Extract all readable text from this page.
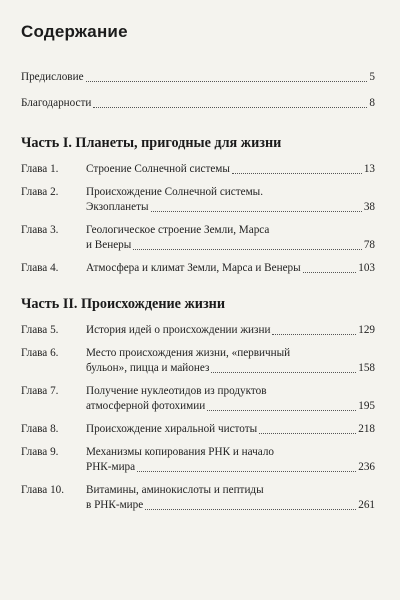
Содержание
Предисловие	5
Благодарности	8
Часть I. Планеты, пригодные для жизни
Глава 1.	Строение Солнечной системы	13
Глава 2.	Происхождение Солнечной системы.
Экзопланеты	38
Глава 3.	Геологическое строение Земли, Марса
и Венеры	78
Глава 4.	Атмосфера и климат Земли, Марса и Венеры	103
Часть II. Происхождение жизни
Глава 5.	История идей о происхождении жизни	129
Глава 6.	Место происхождения жизни, «первичный
бульон», пицца и майонез	158
Глава 7.	Получение нуклеотидов из продуктов
атмосферной фотохимии	195
Глава 8.	Происхождение хиральной чистоты	218
Глава 9.	Механизмы копирования РНК и начало
РНК-мира	236
Глава 10.	Витамины, аминокислоты и пептиды
в РНК-мире	261
